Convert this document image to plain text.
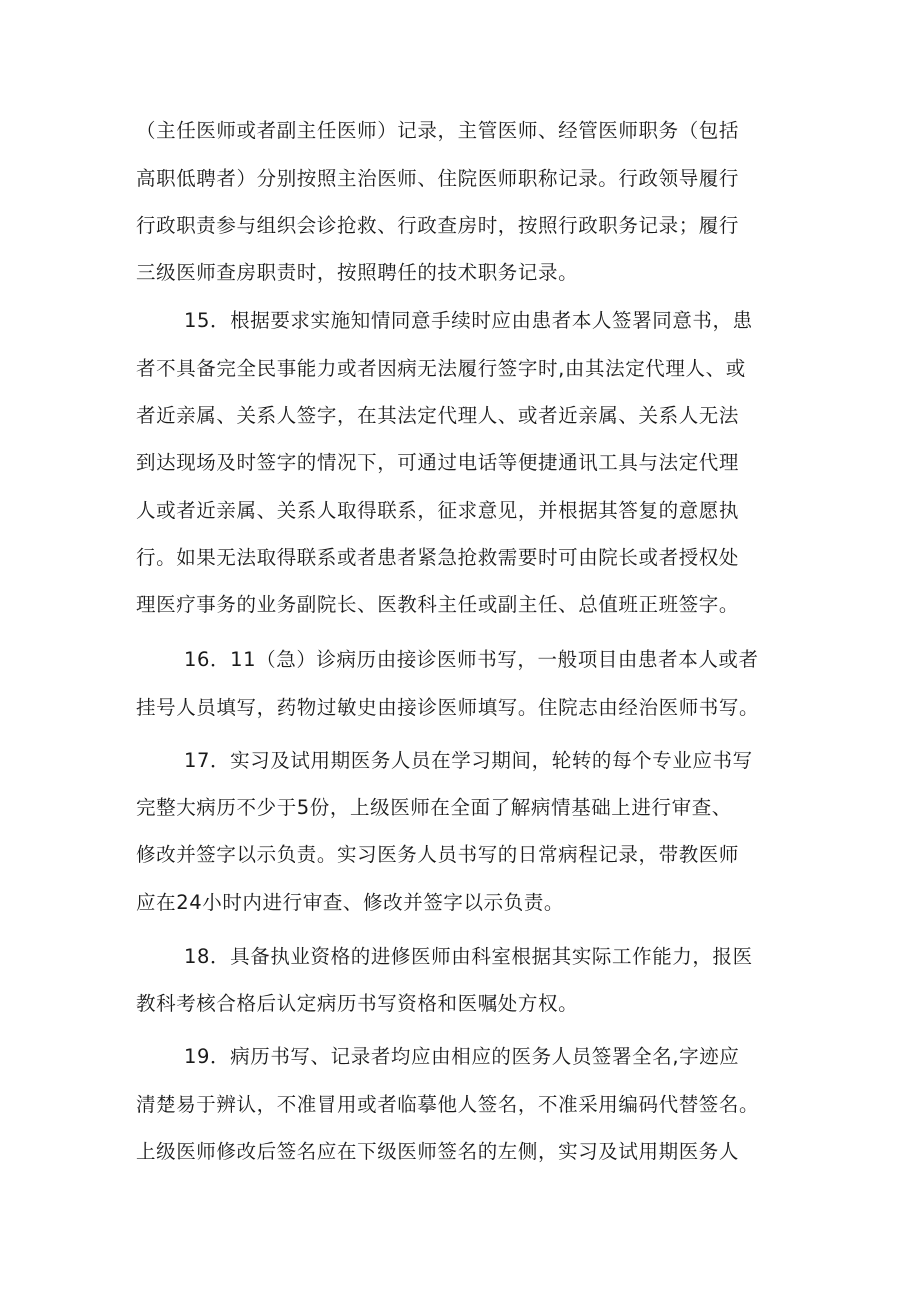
（主任医师或者副主任医师）记录，主管医师、经管医师职务（包括

高职低聘者）分别按照主治医师、住院医师职称记录。行政领导履行

行政职责参与组织会诊抢救、行政查房时，按照行政职务记录；履行

三级医师查房职责时，按照聘任的技术职务记录。

15．根据要求实施知情同意手续时应由患者本人签署同意书，患

者不具备完全民事能力或者因病无法履行签字时,由其法定代理人、或

者近亲属、关系人签字，在其法定代理人、或者近亲属、关系人无法

到达现场及时签字的情况下，可通过电话等便捷通讯工具与法定代理

人或者近亲属、关系人取得联系，征求意见，并根据其答复的意愿执

行。如果无法取得联系或者患者紧急抢救需要时可由院长或者授权处

理医疗事务的业务副院长、医教科主任或副主任、总值班正班签字。

16．11（急）诊病历由接诊医师书写，一般项目由患者本人或者

挂号人员填写，药物过敏史由接诊医师填写。住院志由经治医师书写。

17．实习及试用期医务人员在学习期间，轮转的每个专业应书写

完整大病历不少于5份，上级医师在全面了解病情基础上进行审查、

修改并签字以示负责。实习医务人员书写的日常病程记录，带教医师

应在24小时内进行审查、修改并签字以示负责。

18．具备执业资格的进修医师由科室根据其实际工作能力，报医

教科考核合格后认定病历书写资格和医嘱处方权。

19．病历书写、记录者均应由相应的医务人员签署全名,字迹应

清楚易于辨认，不准冒用或者临摹他人签名，不准采用编码代替签名。

上级医师修改后签名应在下级医师签名的左侧，实习及试用期医务人
